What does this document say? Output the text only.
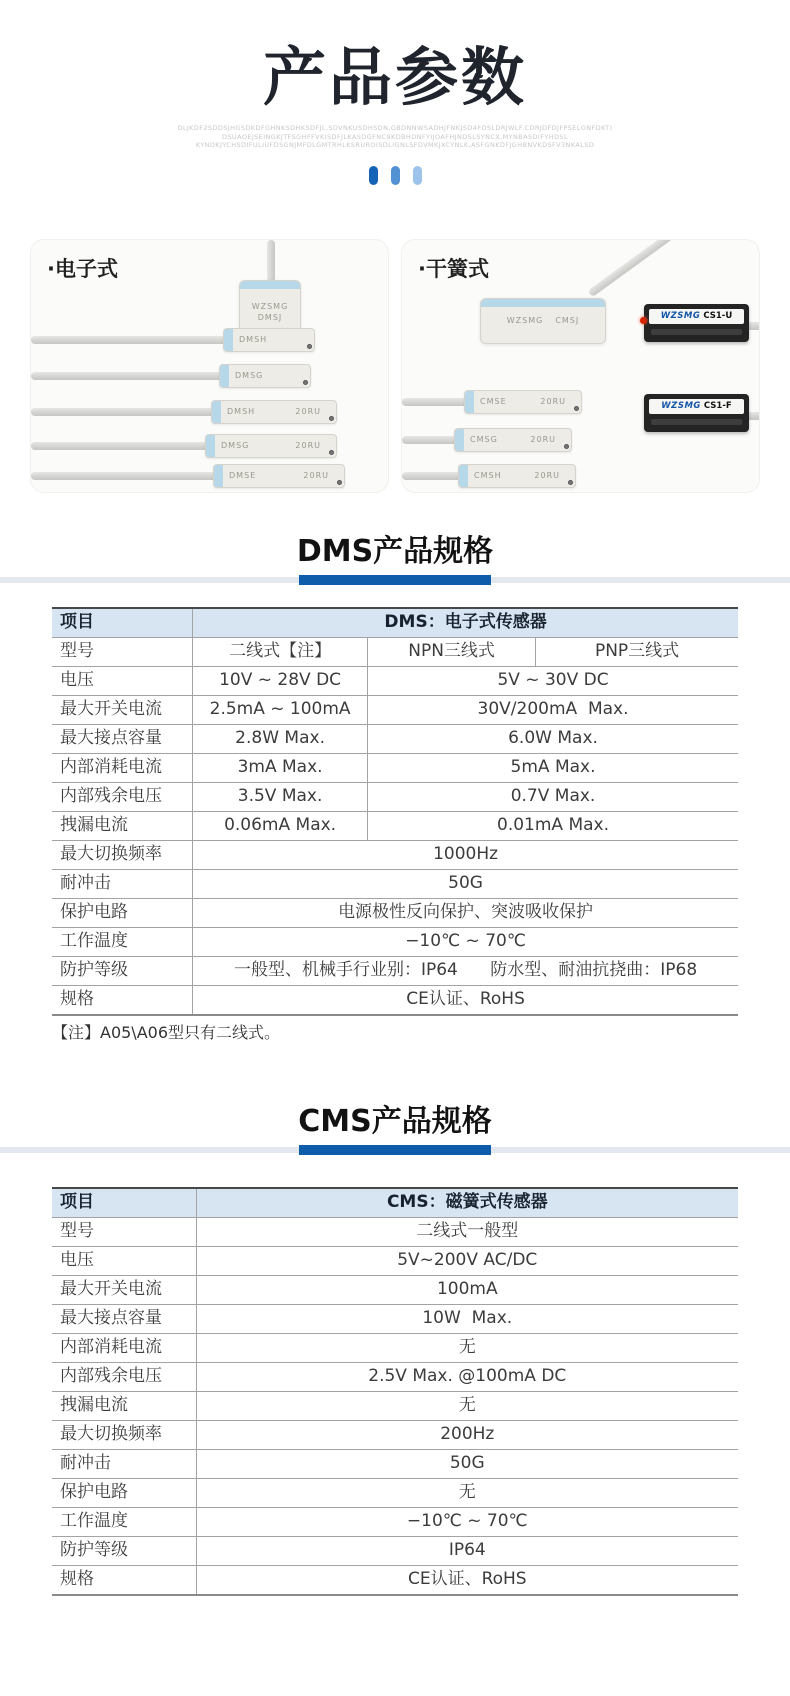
产品参数
DLJKDF2SDDSJHGSDKDFGHNKSDHKSDFJL,SDVNKUSDHSDN,GBDNNWSADHJFNKJSD4FOSLDRJWLF.CDRJDFDJFPSELGNFDKT)
DSUAOEJSEINGKJTFSGHFFVKISDFJLKASDGFNC9KDBHDNFYIJOAFHJNDSLSYNCX,MYNBASDIFYHDSL
KYNDKJYCHSDIFULIUFDSGNJMFDLGMTRHLKSRUROISDLIGNLSFDVMKJXCYNLK,ASFGNKDFJGHBNVKDSFV3NKALSD
·电子式
WZSMG
DMSJ
DMSH
DMSG
DMSH	20RU
DMSG	20RU
DMSE	20RU
·干簧式
WZSMG CMSJ
CMSE	20RU
CMSG	20RU
CMSH	20RU
WZSMG CS1-U
WZSMG CS1-F
DMS产品规格
项目	DMS：电子式传感器		
型号	二线式【注】	NPN三线式	PNP三线式
电压	10V ~ 28V DC	5V ~ 30V DC	
最大开关电流	2.5mA ~ 100mA	30V/200mA  Max.	
最大接点容量	2.8W Max.	6.0W Max.	
内部消耗电流	3mA Max.	5mA Max.	
内部残余电压	3.5V Max.	0.7V Max.	
拽漏电流	0.06mA Max.	0.01mA Max.	
最大切换频率	1000Hz		
耐冲击	50G		
保护电路	电源极性反向保护、突波吸收保护		
工作温度	−10℃ ~ 70℃		
防护等级	一般型、机械手行业别：IP64      防水型、耐油抗挠曲：IP68		
规格	CE认证、RoHS		
【注】A05\A06型只有二线式。
CMS产品规格
项目	CMS：磁簧式传感器
型号	二线式一般型
电压	5V~200V AC/DC
最大开关电流	100mA
最大接点容量	10W  Max.
内部消耗电流	无
内部残余电压	2.5V Max. @100mA DC
拽漏电流	无
最大切换频率	200Hz
耐冲击	50G
保护电路	无
工作温度	−10℃ ~ 70℃
防护等级	IP64
规格	CE认证、RoHS
